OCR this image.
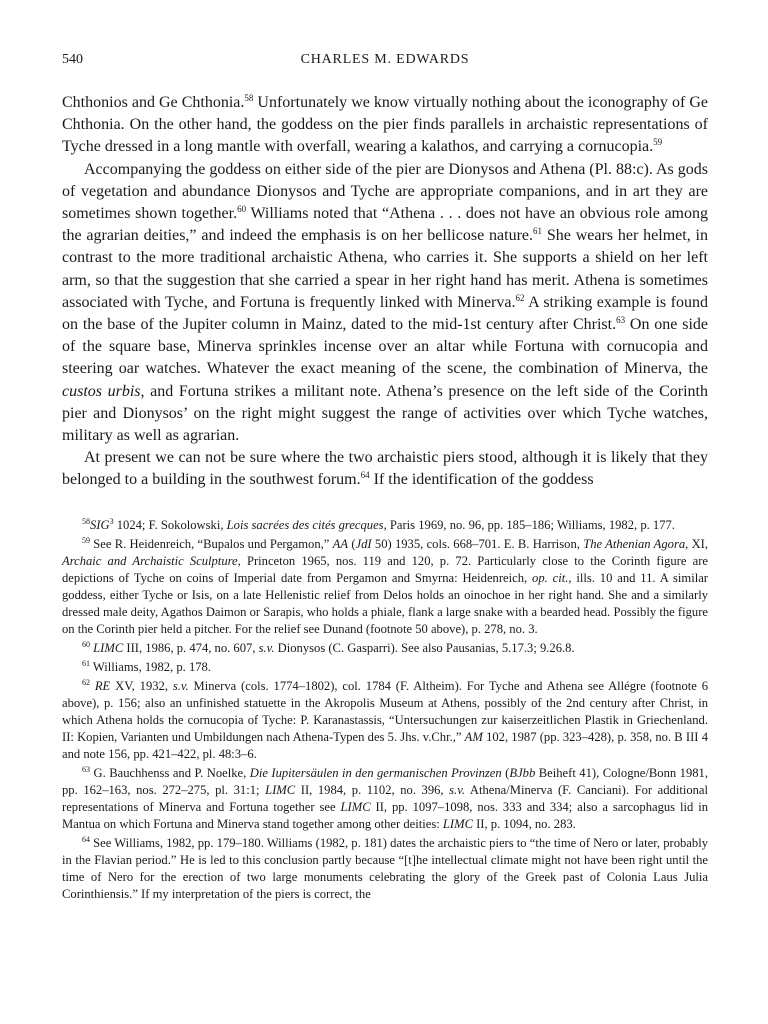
540	CHARLES M. EDWARDS

Chthonios and Ge Chthonia.$^{58}$ Unfortunately we know virtually nothing about the iconography of Ge Chthonia. On the other hand, the goddess on the pier finds parallels in archaistic representations of Tyche dressed in a long mantle with overfall, wearing a kalathos, and carrying a cornucopia.$^{59}$

Accompanying the goddess on either side of the pier are Dionysos and Athena (Pl. 88:c). As gods of vegetation and abundance Dionysos and Tyche are appropriate companions, and in art they are sometimes shown together.$^{60}$ Williams noted that “Athena . . . does not have an obvious role among the agrarian deities,” and indeed the emphasis is on her bellicose nature.$^{61}$ She wears her helmet, in contrast to the more traditional archaistic Athena, who carries it. She supports a shield on her left arm, so that the suggestion that she carried a spear in her right hand has merit. Athena is sometimes associated with Tyche, and Fortuna is frequently linked with Minerva.$^{62}$ A striking example is found on the base of the Jupiter column in Mainz, dated to the mid-1st century after Christ.$^{63}$ On one side of the square base, Minerva sprinkles incense over an altar while Fortuna with cornucopia and steering oar watches. Whatever the exact meaning of the scene, the combination of Minerva, the custos urbis, and Fortuna strikes a militant note. Athena’s presence on the left side of the Corinth pier and Dionysos’ on the right might suggest the range of activities over which Tyche watches, military as well as agrarian.

At present we can not be sure where the two archaistic piers stood, although it is likely that they belonged to a building in the southwest forum.$^{64}$ If the identification of the goddess

$^{58}$SIG$^3$ 1024; F. Sokolowski, Lois sacrées des cités grecques, Paris 1969, no. 96, pp. 185–186; Williams, 1982, p. 177.

$^{59}$ See R. Heidenreich, “Bupalos und Pergamon,” AA (JdI 50) 1935, cols. 668–701. E. B. Harrison, The Athenian Agora, XI, Archaic and Archaistic Sculpture, Princeton 1965, nos. 119 and 120, p. 72. Particularly close to the Corinth figure are depictions of Tyche on coins of Imperial date from Pergamon and Smyrna: Heidenreich, op. cit., ills. 10 and 11. A similar goddess, either Tyche or Isis, on a late Hellenistic relief from Delos holds an oinochoe in her right hand. She and a similarly dressed male deity, Agathos Daimon or Sarapis, who holds a phiale, flank a large snake with a bearded head. Possibly the figure on the Corinth pier held a pitcher. For the relief see Dunand (footnote 50 above), p. 278, no. 3.

$^{60}$ LIMC III, 1986, p. 474, no. 607, s.v. Dionysos (C. Gasparri). See also Pausanias, 5.17.3; 9.26.8.

$^{61}$ Williams, 1982, p. 178.

$^{62}$ RE XV, 1932, s.v. Minerva (cols. 1774–1802), col. 1784 (F. Altheim). For Tyche and Athena see Allégre (footnote 6 above), p. 156; also an unfinished statuette in the Akropolis Museum at Athens, possibly of the 2nd century after Christ, in which Athena holds the cornucopia of Tyche: P. Karanastassis, “Untersuchungen zur kaiserzeitlichen Plastik in Griechenland. II: Kopien, Varianten und Umbildungen nach Athena-Typen des 5. Jhs. v.Chr.,” AM 102, 1987 (pp. 323–428), p. 358, no. B III 4 and note 156, pp. 421–422, pl. 48:3–6.

$^{63}$ G. Bauchhenss and P. Noelke, Die Iupitersäulen in den germanischen Provinzen (BJbb Beiheft 41), Cologne/Bonn 1981, pp. 162–163, nos. 272–275, pl. 31:1; LIMC II, 1984, p. 1102, no. 396, s.v. Athena/Minerva (F. Canciani). For additional representations of Minerva and Fortuna together see LIMC II, pp. 1097–1098, nos. 333 and 334; also a sarcophagus lid in Mantua on which Fortuna and Minerva stand together among other deities: LIMC II, p. 1094, no. 283.

$^{64}$ See Williams, 1982, pp. 179–180. Williams (1982, p. 181) dates the archaistic piers to “the time of Nero or later, probably in the Flavian period.” He is led to this conclusion partly because “[t]he intellectual climate might not have been right until the time of Nero for the erection of two large monuments celebrating the glory of the Greek past of Colonia Laus Julia Corinthiensis.” If my interpretation of the piers is correct, the
